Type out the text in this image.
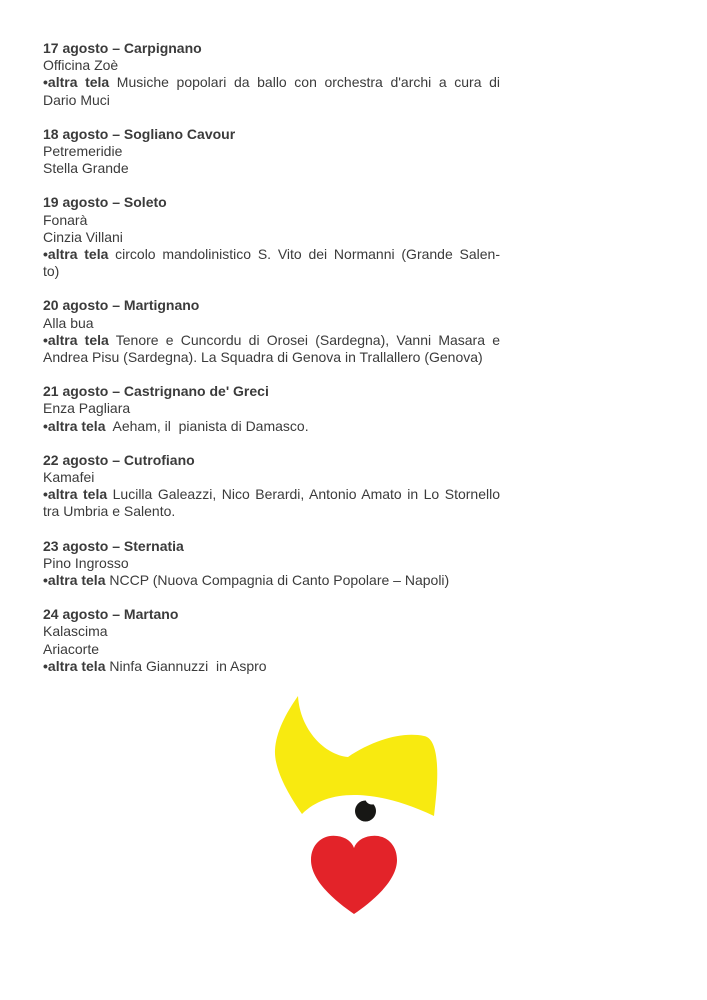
17 agosto – Carpignano
Officina Zoè
•altra tela Musiche popolari da ballo con orchestra d'archi a cura di
Dario Muci
18 agosto – Sogliano Cavour
Petremeridie
Stella Grande
19 agosto – Soleto
Fonarà
Cinzia Villani
•altra tela circolo mandolinistico S. Vito dei Normanni (Grande Salen-
to)
20 agosto – Martignano
Alla bua
•altra tela Tenore e Cuncordu di Orosei (Sardegna), Vanni Masara e
Andrea Pisu (Sardegna). La Squadra di Genova in Trallallero (Genova)
21 agosto – Castrignano de' Greci
Enza Pagliara
•altra tela  Aeham, il  pianista di Damasco.
22 agosto – Cutrofiano
Kamafei
•altra tela Lucilla Galeazzi, Nico Berardi, Antonio Amato in Lo Stornello
tra Umbria e Salento.
23 agosto – Sternatia
Pino Ingrosso
•altra tela NCCP (Nuova Compagnia di Canto Popolare – Napoli)
24 agosto – Martano
Kalascima
Ariacorte
•altra tela Ninfa Giannuzzi  in Aspro
